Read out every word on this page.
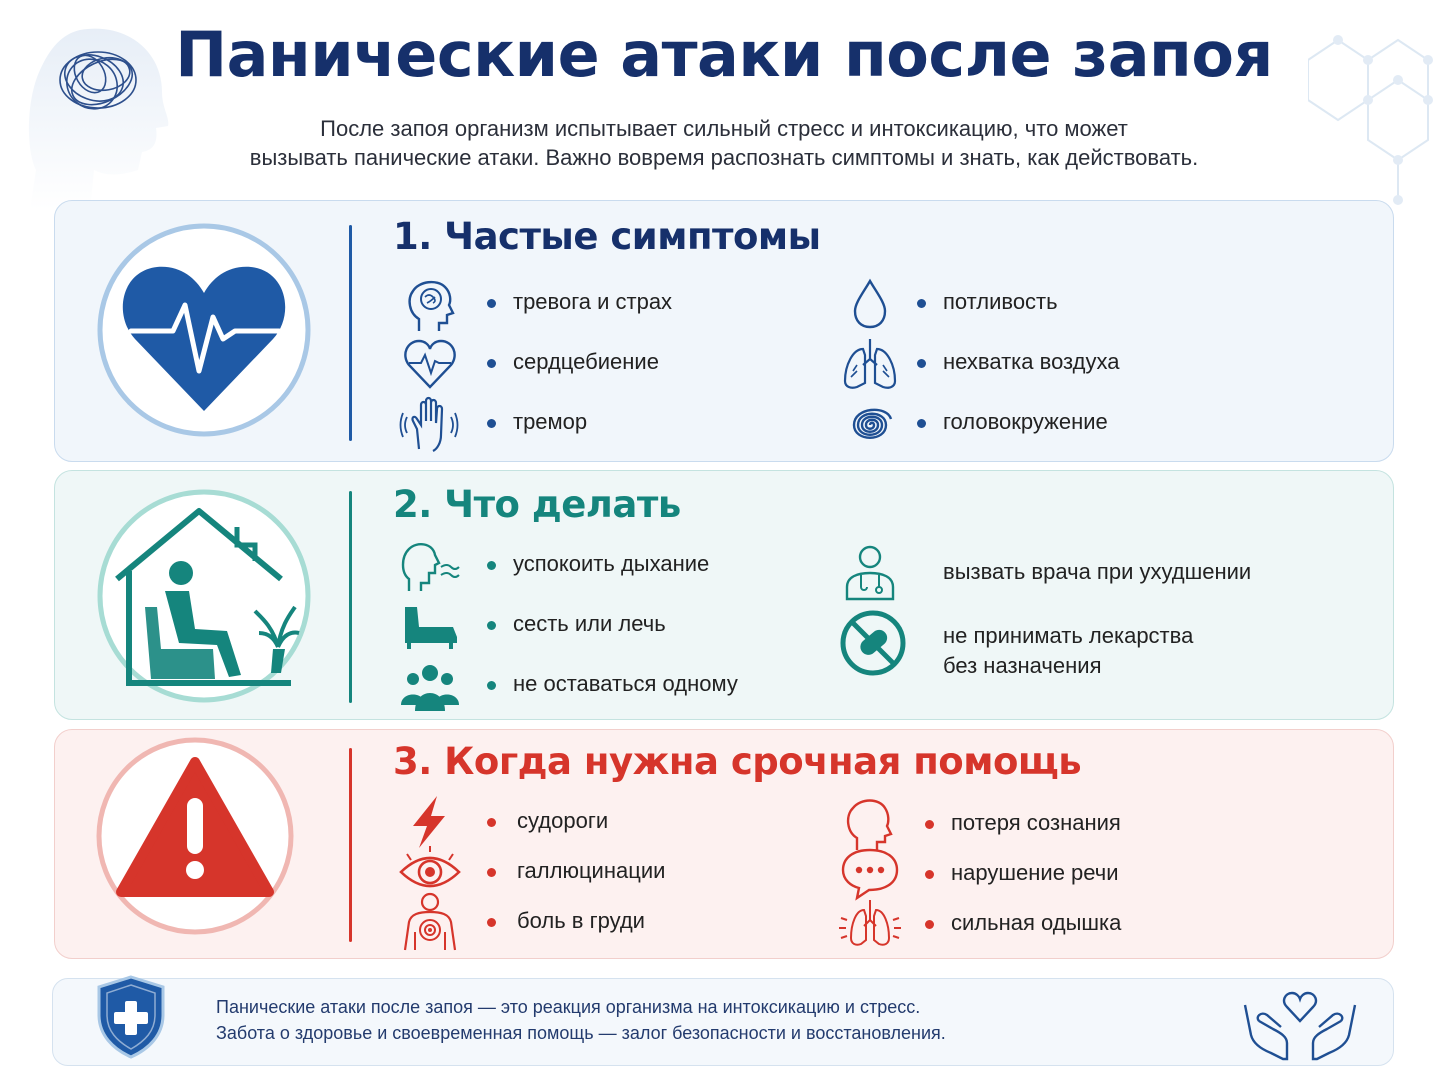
Панические атаки после запоя
После запоя организм испытывает сильный стресс и интоксикацию, что может
вызывать панические атаки. Важно вовремя распознать симптомы и знать, как действовать.
1. Частые симптомы
тревога и страх
сердцебиение
тремор
потливость
нехватка воздуха
головокружение
2. Что делать
успокоить дыхание
сесть или лечь
не оставаться одному
вызвать врача при ухудшении
не принимать лекарства
без назначения
3. Когда нужна срочная помощь
судороги
галлюцинации
боль в груди
потеря сознания
нарушение речи
сильная одышка
Панические атаки после запоя — это реакция организма на интоксикацию и стресс.
Забота о здоровье и своевременная помощь — залог безопасности и восстановления.
